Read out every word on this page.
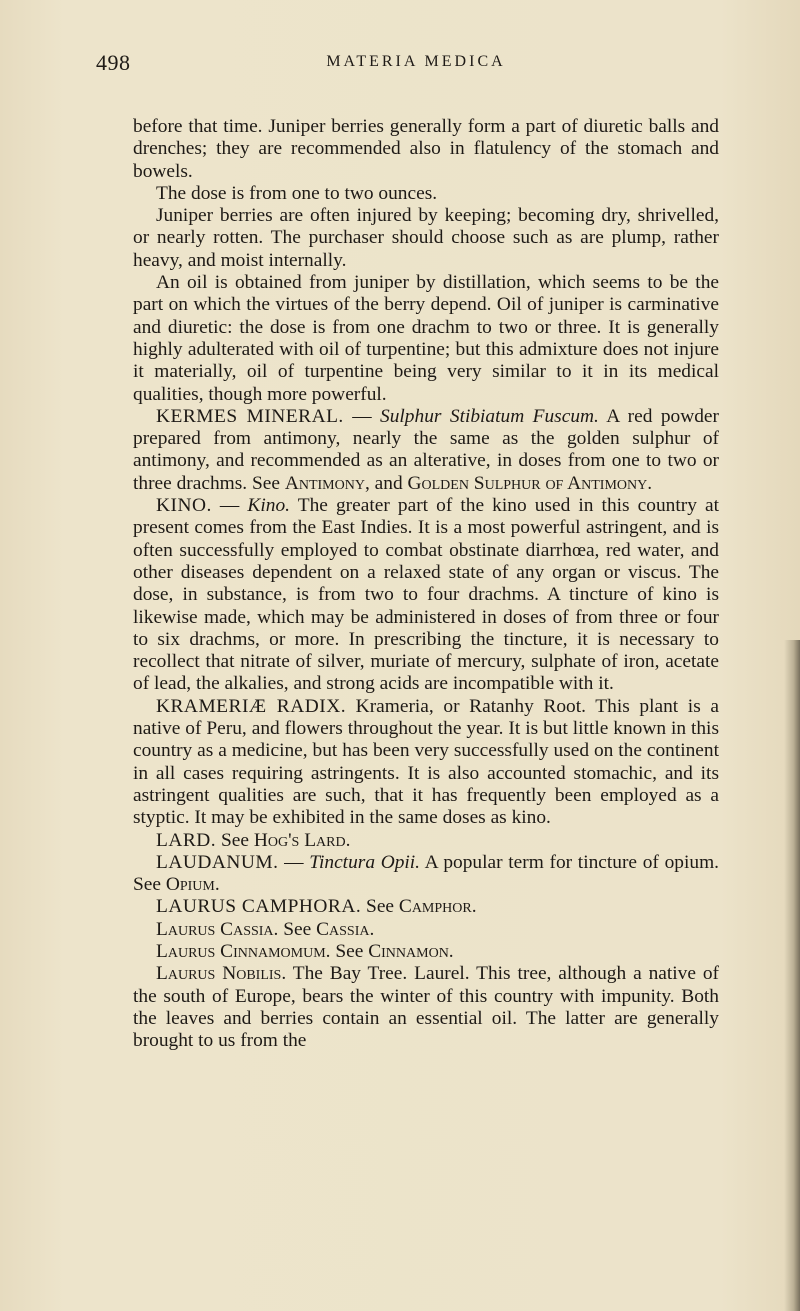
498	MATERIA MEDICA

before that time. Juniper berries generally form a part of diuretic balls and drenches; they are recommended also in flatulency of the stomach and bowels.

The dose is from one to two ounces.

Juniper berries are often injured by keeping; becoming dry, shrivelled, or nearly rotten. The purchaser should choose such as are plump, rather heavy, and moist internally.

An oil is obtained from juniper by distillation, which seems to be the part on which the virtues of the berry depend. Oil of juniper is carminative and diuretic: the dose is from one drachm to two or three. It is generally highly adulterated with oil of turpentine; but this admixture does not injure it materially, oil of turpentine being very similar to it in its medical qualities, though more powerful.

KERMES MINERAL. — Sulphur Stibiatum Fuscum. A red powder prepared from antimony, nearly the same as the golden sulphur of antimony, and recommended as an alterative, in doses from one to two or three drachms. See Antimony, and Golden Sulphur of Antimony.

KINO. — Kino. The greater part of the kino used in this country at present comes from the East Indies. It is a most powerful astringent, and is often successfully employed to combat obstinate diarrhœa, red water, and other diseases dependent on a relaxed state of any organ or viscus. The dose, in substance, is from two to four drachms. A tincture of kino is likewise made, which may be administered in doses of from three or four to six drachms, or more. In prescribing the tincture, it is necessary to recollect that nitrate of silver, muriate of mercury, sulphate of iron, acetate of lead, the alkalies, and strong acids are incompatible with it.

KRAMERIÆ RADIX. Krameria, or Ratanhy Root. This plant is a native of Peru, and flowers throughout the year. It is but little known in this country as a medicine, but has been very successfully used on the continent in all cases requiring astringents. It is also accounted stomachic, and its astringent qualities are such, that it has frequently been employed as a styptic. It may be exhibited in the same doses as kino.

LARD. See Hog's Lard.

LAUDANUM. — Tinctura Opii. A popular term for tincture of opium. See Opium.

LAURUS CAMPHORA. See Camphor.

Laurus Cassia. See Cassia.

Laurus Cinnamomum. See Cinnamon.

Laurus Nobilis. The Bay Tree. Laurel. This tree, although a native of the south of Europe, bears the winter of this country with impunity. Both the leaves and berries contain an essential oil. The latter are generally brought to us from the
